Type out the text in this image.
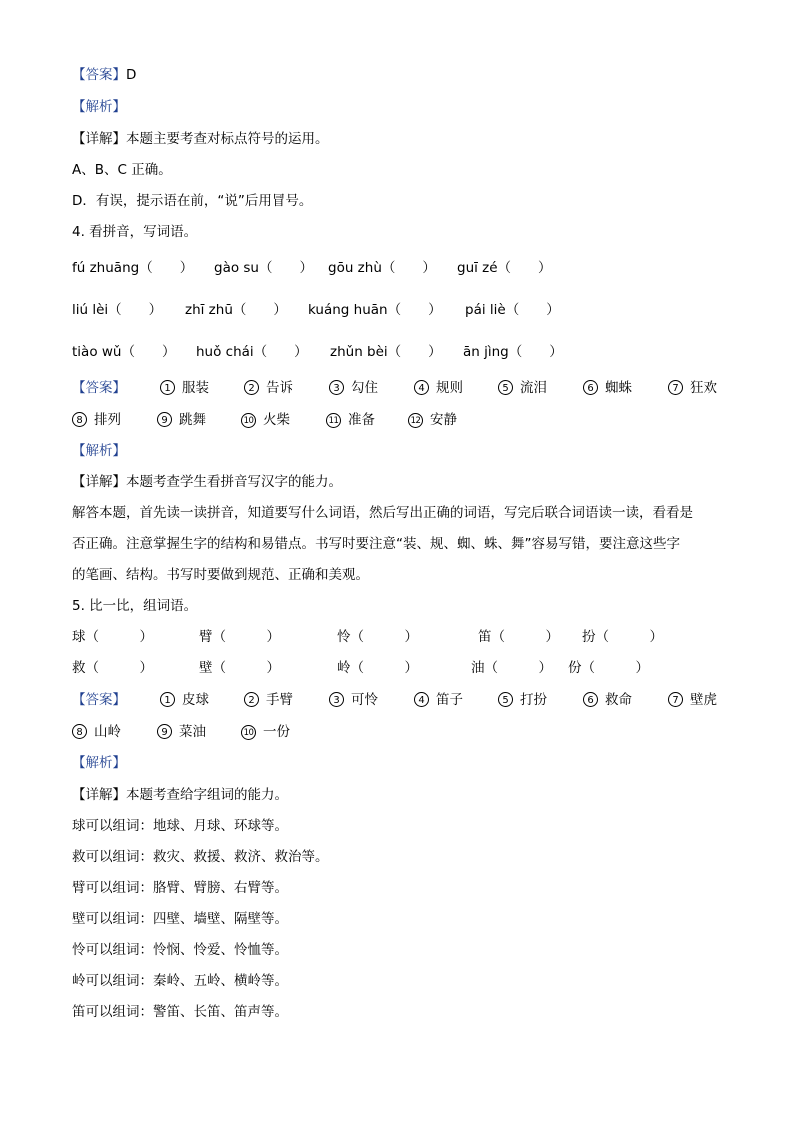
【答案】D
【解析】
【详解】本题主要考查对标点符号的运用。
A、B、C 正确。
D．有误，提示语在前，“说”后用冒号。
4. 看拼音，写词语。
fú zhuāng（　　） gào su（　　） gōu zhù（　　） guī zé（　　）
liú lèi（　　） zhī zhū（　　） kuáng huān（　　） pái liè（　　）
tiào wǔ（　　） huǒ chái（　　） zhǔn bèi（　　） ān jìng（　　）
【答案】	1 服装	2 告诉	3 勾住	4 规则	5 流泪	6 蜘蛛	7 狂欢
8 排列	9 跳舞	10 火柴	11 准备	12 安静
【解析】
【详解】本题考查学生看拼音写汉字的能力。
解答本题，首先读一读拼音，知道要写什么词语，然后写出正确的词语，写完后联合词语读一读，看看是
否正确。注意掌握生字的结构和易错点。书写时要注意“装、规、蜘、蛛、舞”容易写错，要注意这些字
的笔画、结构。书写时要做到规范、正确和美观。
5. 比一比，组词语。
球（　　　）	臂（　　　）	怜（　　　）	笛（　　　） 扮（　　　）
救（　　　）	壁（　　　）	岭（　　　）	油（　　　） 份（　　　）
【答案】	1 皮球	2 手臂	3 可怜	4 笛子	5 打扮	6 救命	7 壁虎
8 山岭	9 菜油	10 一份
【解析】
【详解】本题考查给字组词的能力。
球可以组词：地球、月球、环球等。
救可以组词：救灾、救援、救济、救治等。
臂可以组词：胳臂、臂膀、右臂等。
壁可以组词：四壁、墙壁、隔壁等。
怜可以组词：怜悯、怜爱、怜恤等。
岭可以组词：秦岭、五岭、横岭等。
笛可以组词：警笛、长笛、笛声等。
